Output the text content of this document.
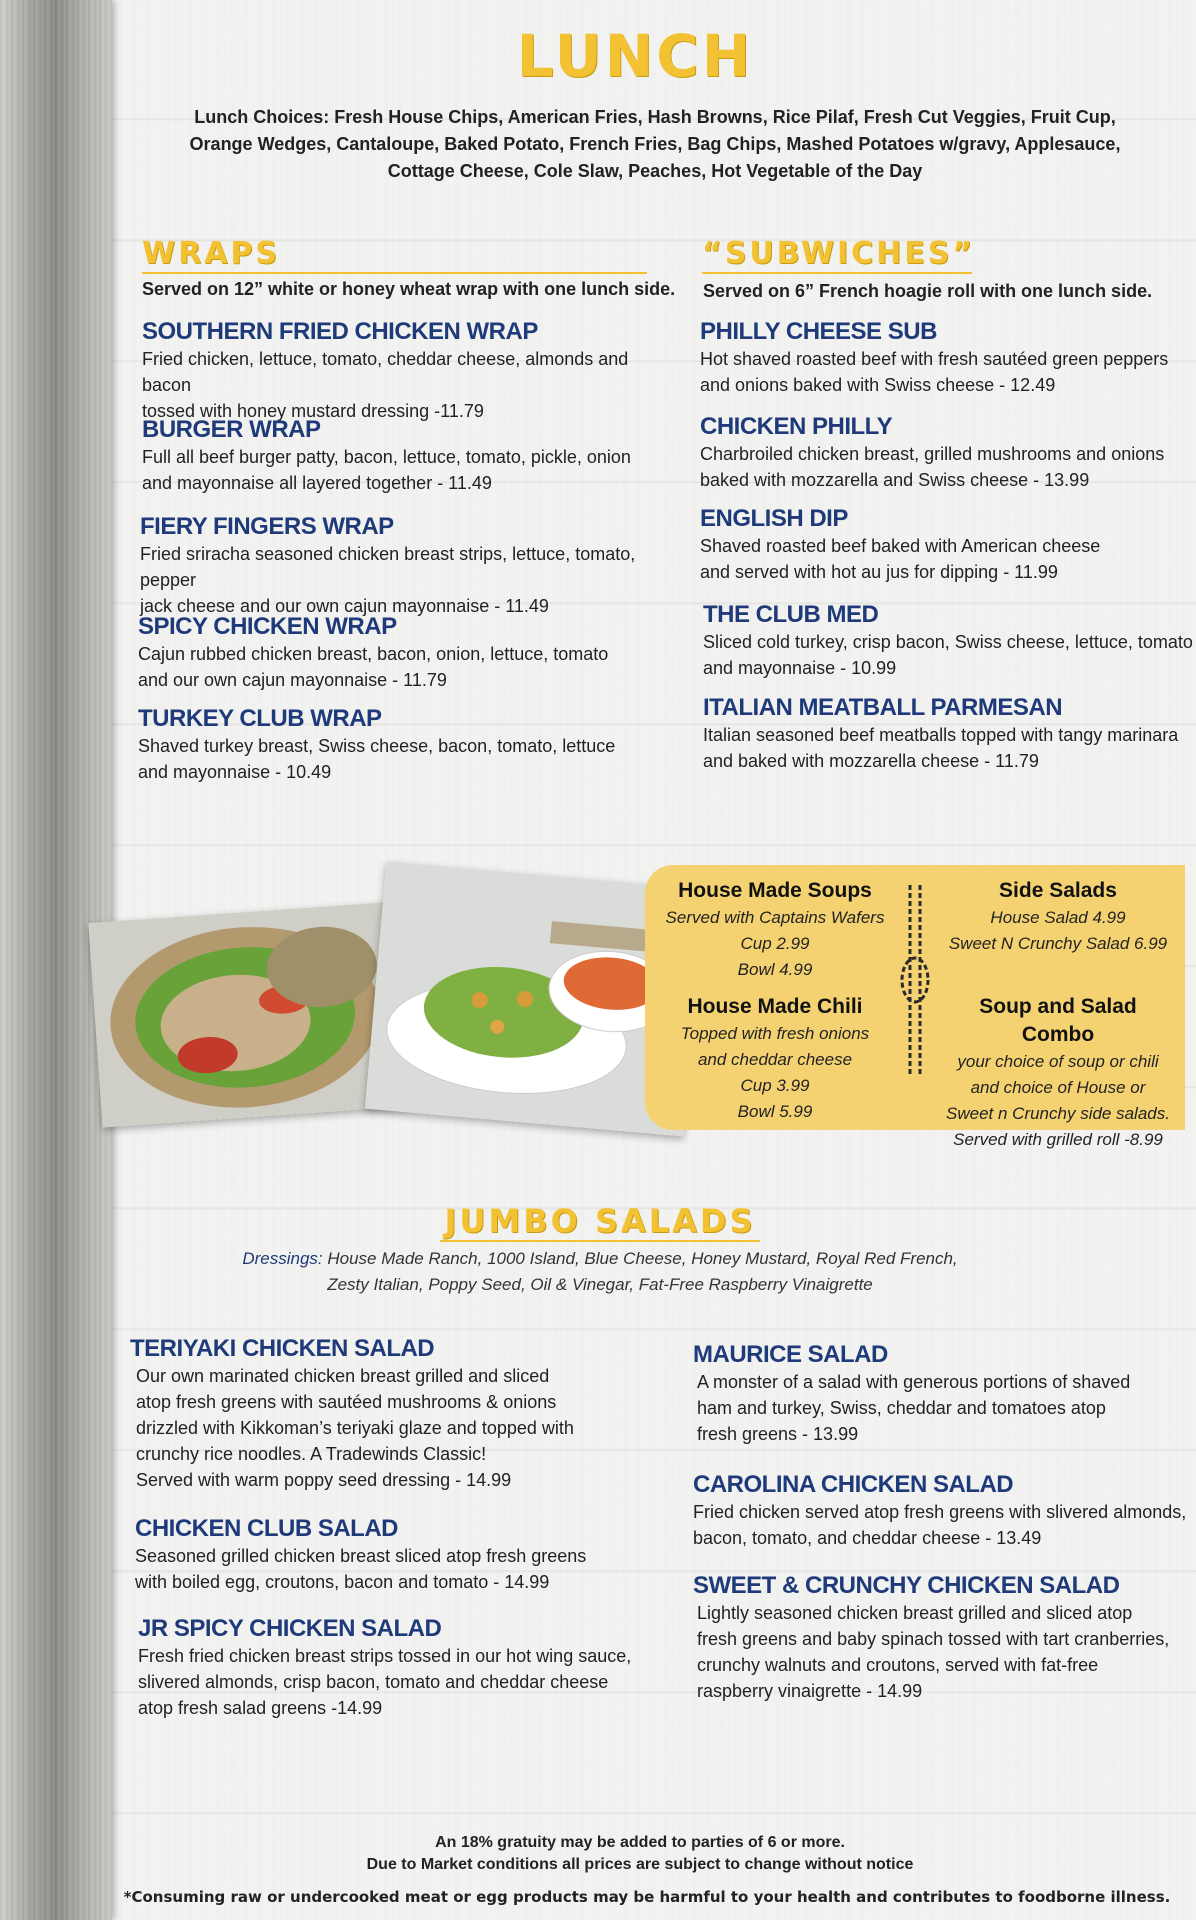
LUNCH
Lunch Choices: Fresh House Chips, American Fries, Hash Browns, Rice Pilaf, Fresh Cut Veggies, Fruit Cup,
Orange Wedges, Cantaloupe, Baked Potato, French Fries, Bag Chips, Mashed Potatoes w/gravy, Applesauce,
Cottage Cheese, Cole Slaw, Peaches, Hot Vegetable of the Day
WRAPS
Served on 12” white or honey wheat wrap with one lunch side.

SOUTHERN FRIED CHICKEN WRAP

Fried chicken, lettuce, tomato, cheddar cheese, almonds and bacon

tossed with honey mustard dressing -11.79

BURGER WRAP

Full all beef burger patty, bacon, lettuce, tomato, pickle, onion

and mayonnaise all layered together - 11.49

FIERY FINGERS WRAP

Fried sriracha seasoned chicken breast strips, lettuce, tomato, pepper

jack cheese and our own cajun mayonnaise - 11.49

SPICY CHICKEN WRAP

Cajun rubbed chicken breast, bacon, onion, lettuce, tomato

and our own cajun mayonnaise - 11.79

TURKEY CLUB WRAP

Shaved turkey breast, Swiss cheese, bacon, tomato, lettuce

and mayonnaise - 10.49

“SUBWICHES”
Served on 6” French hoagie roll with one lunch side.

PHILLY CHEESE SUB

Hot shaved roasted beef with fresh sautéed green peppers

and onions baked with Swiss cheese - 12.49

CHICKEN PHILLY

Charbroiled chicken breast, grilled mushrooms and onions

baked with mozzarella and Swiss cheese - 13.99

ENGLISH DIP

Shaved roasted beef baked with American cheese

and served with hot au jus for dipping - 11.99

THE CLUB MED

Sliced cold turkey, crisp bacon, Swiss cheese, lettuce, tomato

and mayonnaise - 10.99

ITALIAN MEATBALL PARMESAN

Italian seasoned beef meatballs topped with tangy marinara

and baked with mozzarella cheese - 11.79

House Made Soups

Served with Captains Wafers

Cup 2.99

Bowl 4.99

House Made Chili

Topped with fresh onions

and cheddar cheese

Cup 3.99

Bowl 5.99

Side Salads

House Salad 4.99

Sweet N Crunchy Salad 6.99

Soup and Salad Combo

your choice of soup or chili

and choice of House or

Sweet n Crunchy side salads.

Served with grilled roll -8.99

JUMBO SALADS
Dressings: House Made Ranch, 1000 Island, Blue Cheese, Honey Mustard, Royal Red French,
Zesty Italian, Poppy Seed, Oil & Vinegar, Fat-Free Raspberry Vinaigrette

TERIYAKI CHICKEN SALAD

Our own marinated chicken breast grilled and sliced

atop fresh greens with sautéed mushrooms & onions

drizzled with Kikkoman’s teriyaki glaze and topped with

crunchy rice noodles. A Tradewinds Classic!

Served with warm poppy seed dressing - 14.99

CHICKEN CLUB SALAD

Seasoned grilled chicken breast sliced atop fresh greens

with boiled egg, croutons, bacon and tomato - 14.99

JR SPICY CHICKEN SALAD

Fresh fried chicken breast strips tossed in our hot wing sauce,

slivered almonds, crisp bacon, tomato and cheddar cheese

atop fresh salad greens -14.99

MAURICE SALAD

A monster of a salad with generous portions of shaved

ham and turkey, Swiss, cheddar and tomatoes atop

fresh greens - 13.99

CAROLINA CHICKEN SALAD

Fried chicken served atop fresh greens with slivered almonds,

bacon, tomato, and cheddar cheese - 13.49

SWEET & CRUNCHY CHICKEN SALAD

Lightly seasoned chicken breast grilled and sliced atop

fresh greens and baby spinach tossed with tart cranberries,

crunchy walnuts and croutons, served with fat-free

raspberry vinaigrette - 14.99

An 18% gratuity may be added to parties of 6 or more.
Due to Market conditions all prices are subject to change without notice
*Consuming raw or undercooked meat or egg products may be harmful to your health and contributes to foodborne illness.
